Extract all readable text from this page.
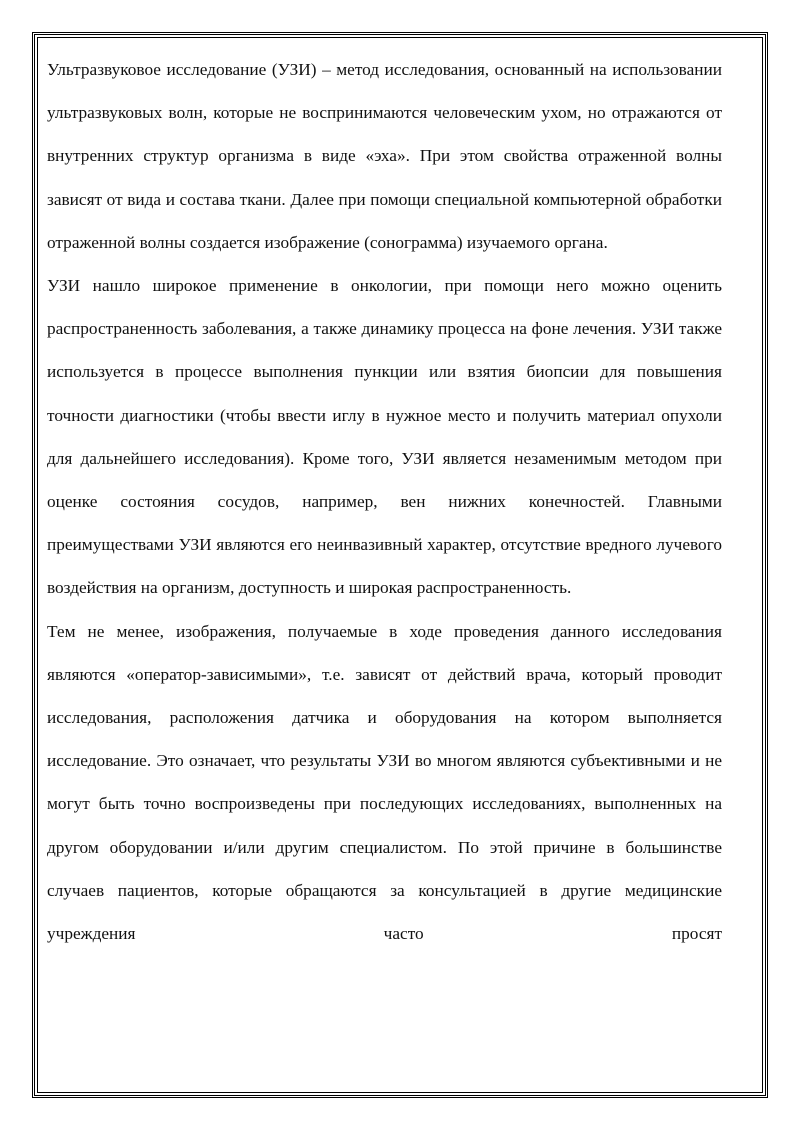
Ультразвуковое исследование (УЗИ) – метод исследования, основанный на использовании ультразвуковых волн, которые не воспринимаются человеческим ухом, но отражаются от внутренних структур организма в виде «эха». При этом свойства отраженной волны зависят от вида и состава ткани. Далее при помощи специальной компьютерной обработки отраженной волны создается изображение (сонограмма) изучаемого органа.

УЗИ нашло широкое применение в онкологии, при помощи него можно оценить распространенность заболевания, а также динамику процесса на фоне лечения. УЗИ также используется в процессе выполнения пункции или взятия биопсии для повышения точности диагностики (чтобы ввести иглу в нужное место и получить материал опухоли для дальнейшего исследования). Кроме того, УЗИ является незаменимым методом при оценке состояния сосудов, например, вен нижних конечностей. Главными преимуществами УЗИ являются его неинвазивный характер, отсутствие вредного лучевого воздействия на организм, доступность и широкая распространенность.

Тем не менее, изображения, получаемые в ходе проведения данного исследования являются «оператор-зависимыми», т.е. зависят от действий врача, который проводит исследования, расположения датчика и оборудования на котором выполняется исследование. Это означает, что результаты УЗИ во многом являются субъективными и не могут быть точно воспроизведены при последующих исследованиях, выполненных на другом оборудовании и/или другим специалистом. По этой причине в большинстве случаев пациентов, которые обращаются за консультацией в другие медицинские учреждения часто просят
